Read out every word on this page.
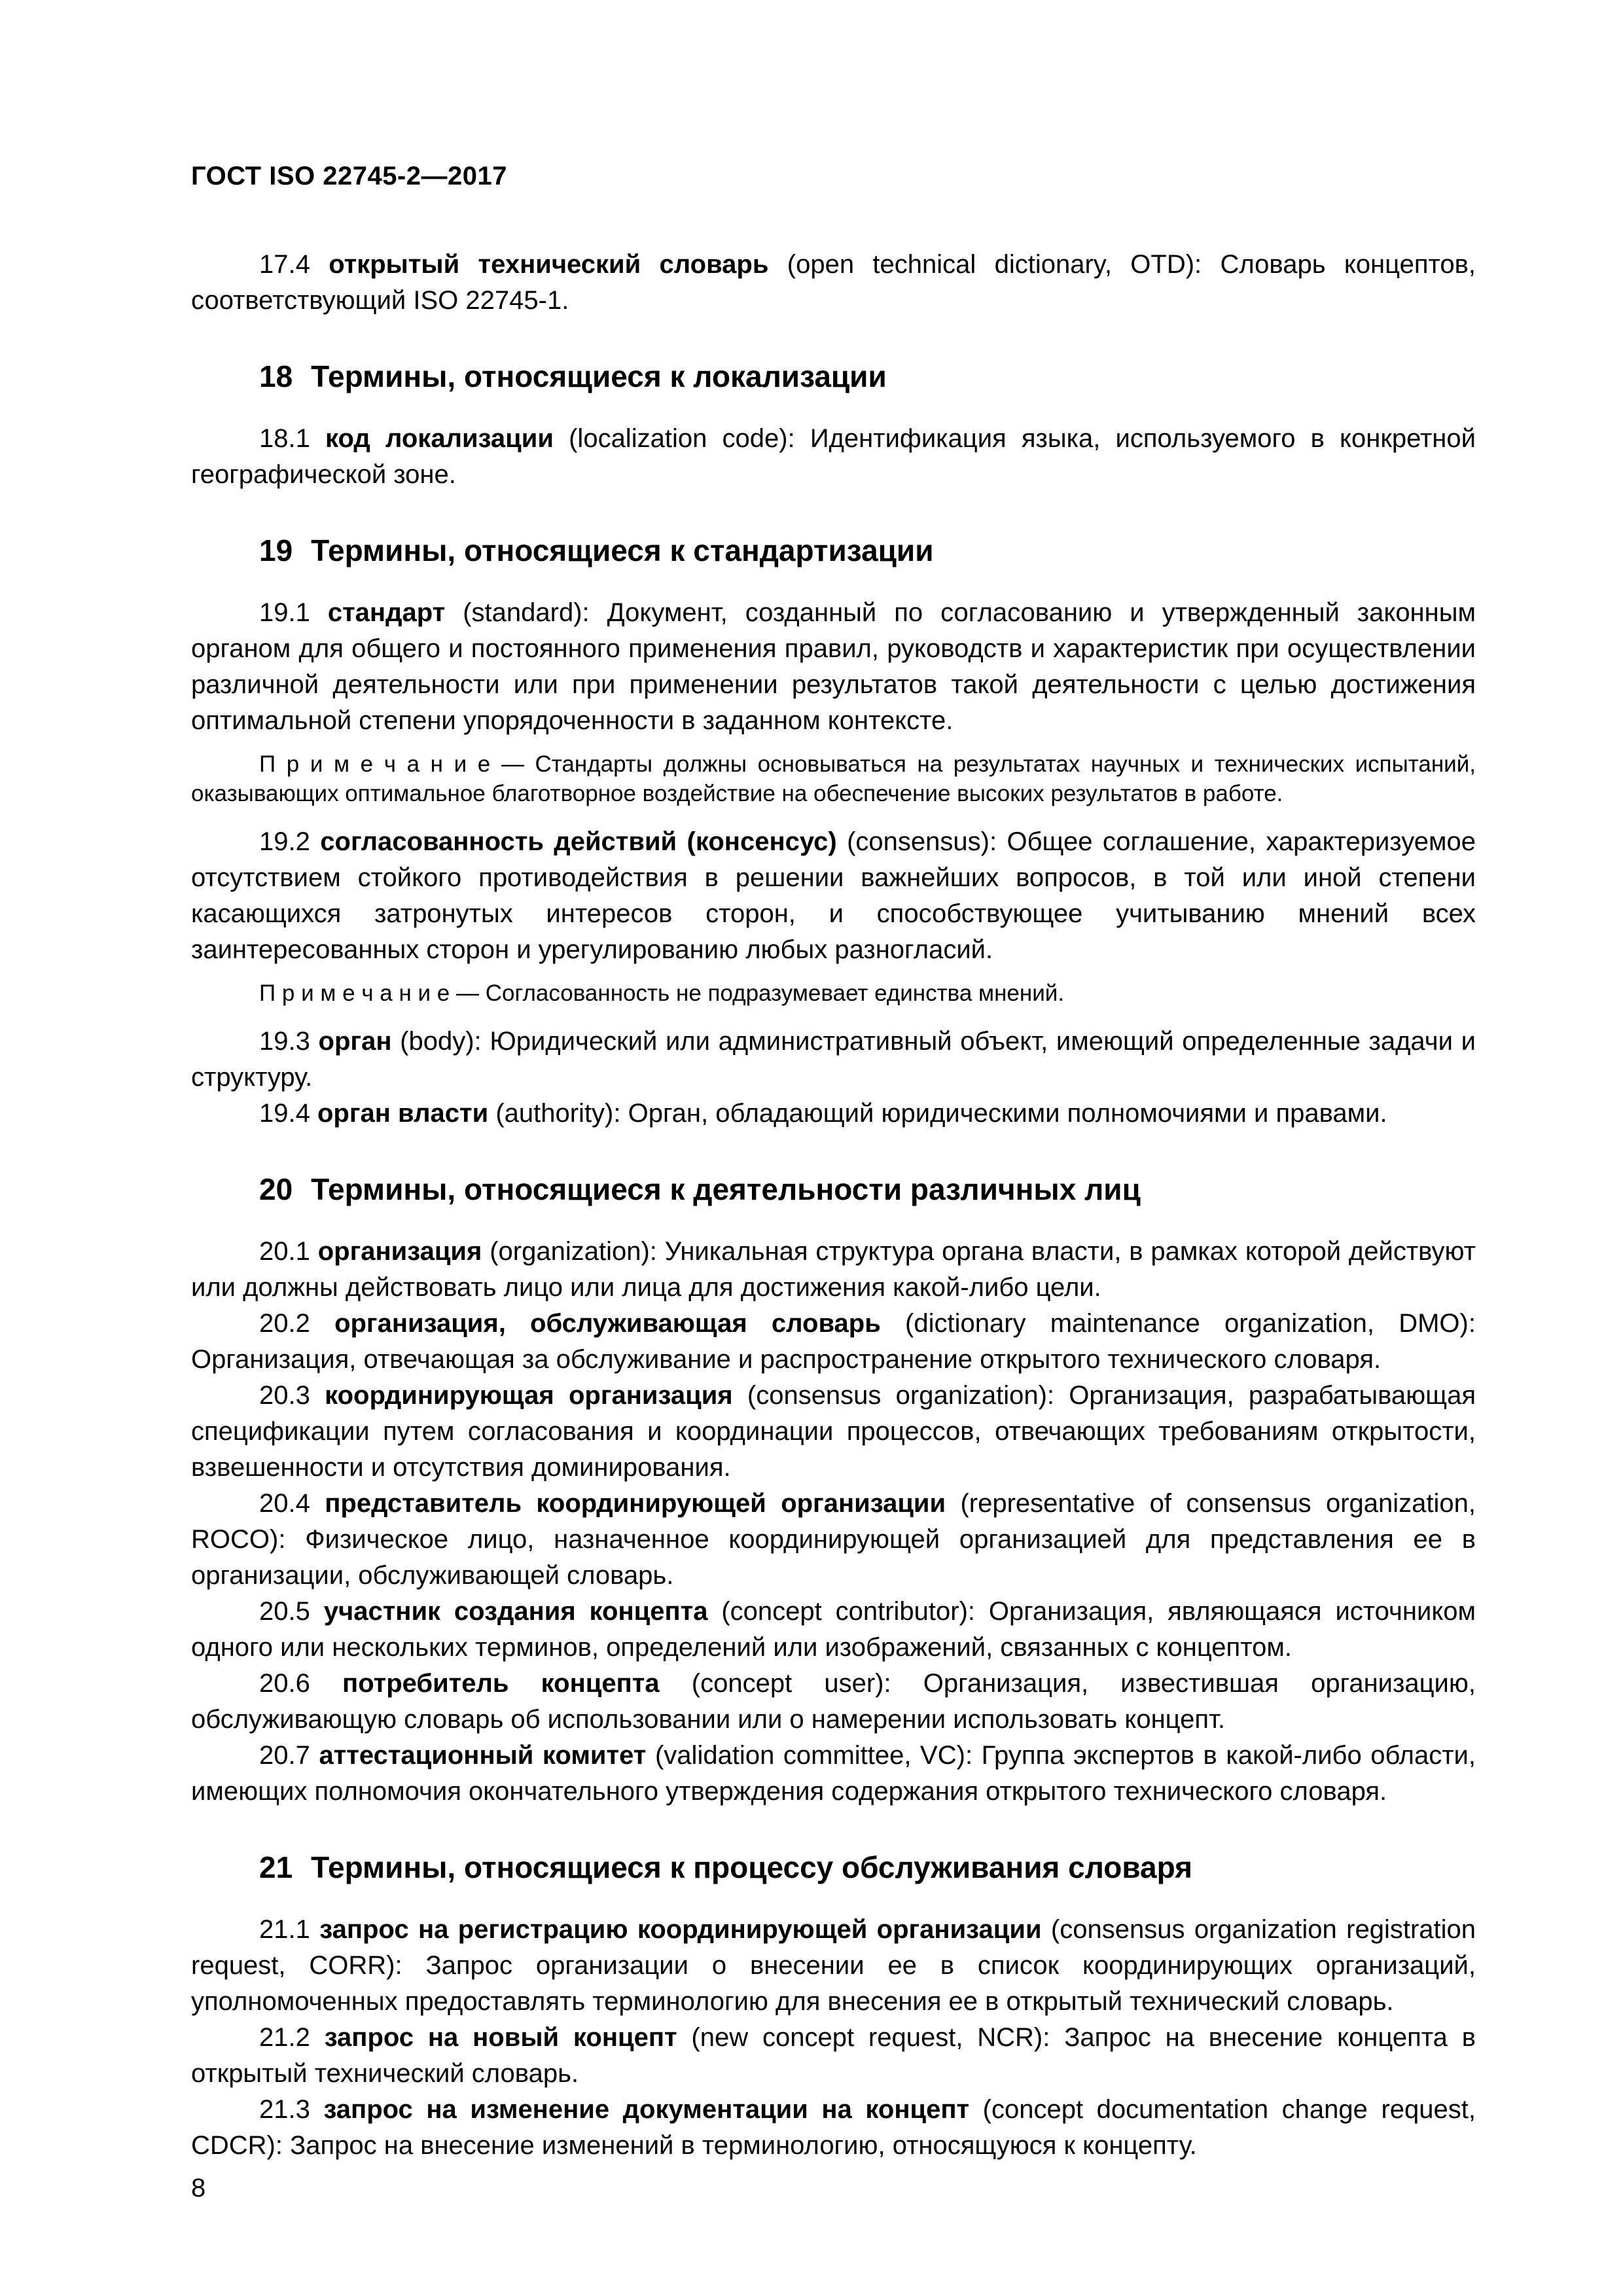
ГОСТ ISO 22745-2—2017

17.4 открытый технический словарь (open technical dictionary, OTD): Словарь концептов, соответствующий ISO 22745-1.

18 Термины, относящиеся к локализации

18.1 код локализации (localization code): Идентификация языка, используемого в конкретной географической зоне.

19 Термины, относящиеся к стандартизации

19.1 стандарт (standard): Документ, созданный по согласованию и утвержденный законным органом для общего и постоянного применения правил, руководств и характеристик при осуществлении различной деятельности или при применении результатов такой деятельности с целью достижения оптимальной степени упорядоченности в заданном контексте.

П р и м е ч а н и е — Стандарты должны основываться на результатах научных и технических испытаний, оказывающих оптимальное благотворное воздействие на обеспечение высоких результатов в работе.

19.2 согласованность действий (консенсус) (consensus): Общее соглашение, характеризуемое отсутствием стойкого противодействия в решении важнейших вопросов, в той или иной степени касающихся затронутых интересов сторон, и способствующее учитыванию мнений всех заинтересованных сторон и урегулированию любых разногласий.

П р и м е ч а н и е — Согласованность не подразумевает единства мнений.

19.3 орган (body): Юридический или административный объект, имеющий определенные задачи и структуру.

19.4 орган власти (authority): Орган, обладающий юридическими полномочиями и правами.

20 Термины, относящиеся к деятельности различных лиц

20.1 организация (organization): Уникальная структура органа власти, в рамках которой действуют или должны действовать лицо или лица для достижения какой-либо цели.

20.2 организация, обслуживающая словарь (dictionary maintenance organization, DMO): Организация, отвечающая за обслуживание и распространение открытого технического словаря.

20.3 координирующая организация (consensus organization): Организация, разрабатывающая спецификации путем согласования и координации процессов, отвечающих требованиям открытости, взвешенности и отсутствия доминирования.

20.4 представитель координирующей организации (representative of consensus organization, ROCO): Физическое лицо, назначенное координирующей организацией для представления ее в организации, обслуживающей словарь.

20.5 участник создания концепта (concept contributor): Организация, являющаяся источником одного или нескольких терминов, определений или изображений, связанных с концептом.

20.6 потребитель концепта (concept user): Организация, известившая организацию, обслуживающую словарь об использовании или о намерении использовать концепт.

20.7 аттестационный комитет (validation committee, VC): Группа экспертов в какой-либо области, имеющих полномочия окончательного утверждения содержания открытого технического словаря.

21 Термины, относящиеся к процессу обслуживания словаря

21.1 запрос на регистрацию координирующей организации (consensus organization registration request, CORR): Запрос организации о внесении ее в список координирующих организаций, уполномоченных предоставлять терминологию для внесения ее в открытый технический словарь.

21.2 запрос на новый концепт (new concept request, NCR): Запрос на внесение концепта в открытый технический словарь.

21.3 запрос на изменение документации на концепт (concept documentation change request, CDCR): Запрос на внесение изменений в терминологию, относящуюся к концепту.

8
